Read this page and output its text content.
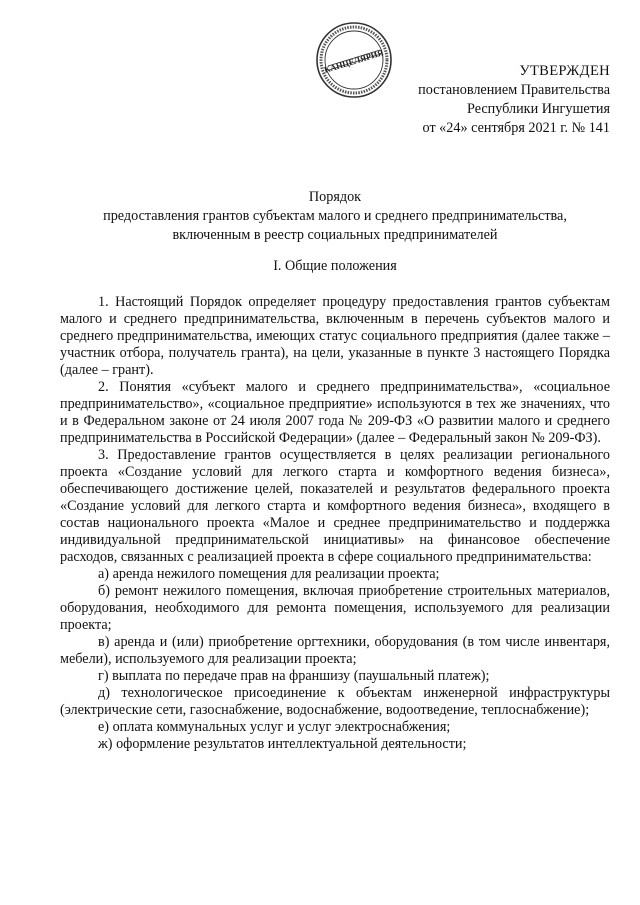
КАНЦЕЛЯРИЯ	УТВЕРЖДЕН
постановлением Правительства
Республики Ингушетия
от «24» сентября 2021 г. № 141
Порядок
предоставления грантов субъектам малого и среднего предпринимательства,
включенным в реестр социальных предпринимателей
I. Общие положения

1. Настоящий Порядок определяет процедуру предоставления грантов субъектам малого и среднего предпринимательства, включенным в перечень субъектов малого и среднего предпринимательства, имеющих статус социального предприятия (далее также – участник отбора, получатель гранта), на цели, указанные в пункте 3 настоящего Порядка (далее – грант).

2. Понятия «субъект малого и среднего предпринимательства», «социальное предпринимательство», «социальное предприятие» используются в тех же значениях, что и в Федеральном законе от 24 июля 2007 года № 209-ФЗ «О развитии малого и среднего предпринимательства в Российской Федерации» (далее – Федеральный закон № 209-ФЗ).

3. Предоставление грантов осуществляется в целях реализации регионального проекта «Создание условий для легкого старта и комфортного ведения бизнеса», обеспечивающего достижение целей, показателей и результатов федерального проекта «Создание условий для легкого старта и комфортного ведения бизнеса», входящего в состав национального проекта «Малое и среднее предпринимательство и поддержка индивидуальной предпринимательской инициативы» на финансовое обеспечение расходов, связанных с реализацией проекта в сфере социального предпринимательства:

а) аренда нежилого помещения для реализации проекта;

б) ремонт нежилого помещения, включая приобретение строительных материалов, оборудования, необходимого для ремонта помещения, используемого для реализации проекта;

в) аренда и (или) приобретение оргтехники, оборудования (в том числе инвентаря, мебели), используемого для реализации проекта;

г) выплата по передаче прав на франшизу (паушальный платеж);

д) технологическое присоединение к объектам инженерной инфраструктуры (электрические сети, газоснабжение, водоснабжение, водоотведение, теплоснабжение);

е) оплата коммунальных услуг и услуг электроснабжения;

ж) оформление результатов интеллектуальной деятельности;
